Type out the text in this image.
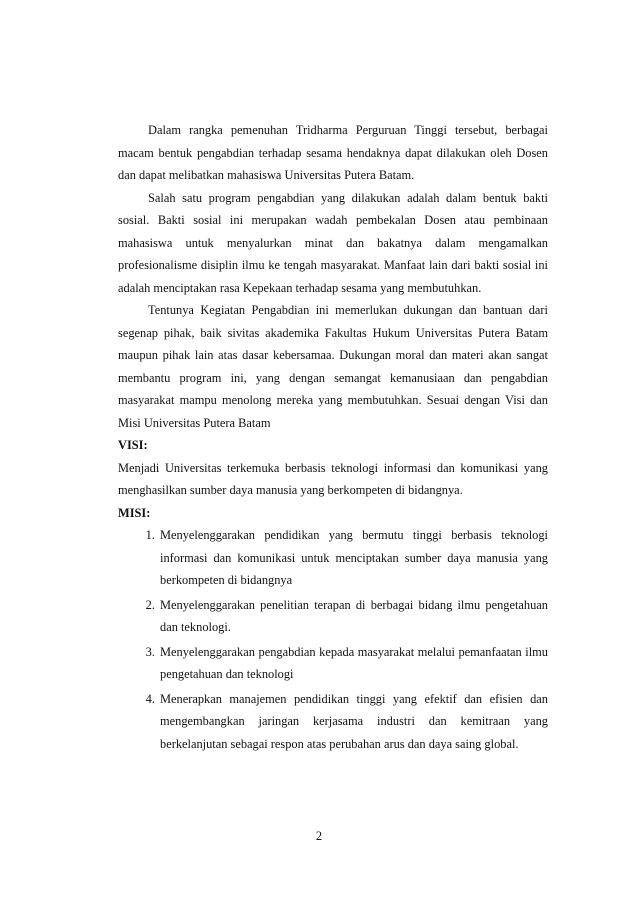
Dalam rangka pemenuhan Tridharma Perguruan Tinggi tersebut, berbagai macam bentuk pengabdian terhadap sesama hendaknya dapat dilakukan oleh Dosen dan dapat melibatkan mahasiswa Universitas Putera Batam.

Salah satu program pengabdian yang dilakukan adalah dalam bentuk bakti sosial. Bakti sosial ini merupakan wadah pembekalan Dosen atau pembinaan mahasiswa untuk menyalurkan minat dan bakatnya dalam mengamalkan profesionalisme disiplin ilmu ke tengah masyarakat. Manfaat lain dari bakti sosial ini adalah menciptakan rasa Kepekaan terhadap sesama yang membutuhkan.

Tentunya Kegiatan Pengabdian ini memerlukan dukungan dan bantuan dari segenap pihak, baik sivitas akademika Fakultas Hukum Universitas Putera Batam maupun pihak lain atas dasar kebersamaa. Dukungan moral dan materi akan sangat membantu program ini, yang dengan semangat kemanusiaan dan pengabdian masyarakat mampu menolong mereka yang membutuhkan. Sesuai dengan Visi dan Misi Universitas Putera Batam

VISI:

Menjadi Universitas terkemuka berbasis teknologi informasi dan komunikasi yang menghasilkan sumber daya manusia yang berkompeten di bidangnya.

MISI:
1. Menyelenggarakan pendidikan yang bermutu tinggi berbasis teknologi informasi dan komunikasi untuk menciptakan sumber daya manusia yang berkompeten di bidangnya
2. Menyelenggarakan penelitian terapan di berbagai bidang ilmu pengetahuan dan teknologi.
3. Menyelenggarakan pengabdian kepada masyarakat melalui pemanfaatan ilmu pengetahuan dan teknologi
4. Menerapkan manajemen pendidikan tinggi yang efektif dan efisien dan mengembangkan jaringan kerjasama industri dan kemitraan yang berkelanjutan sebagai respon atas perubahan arus dan daya saing global.
2
